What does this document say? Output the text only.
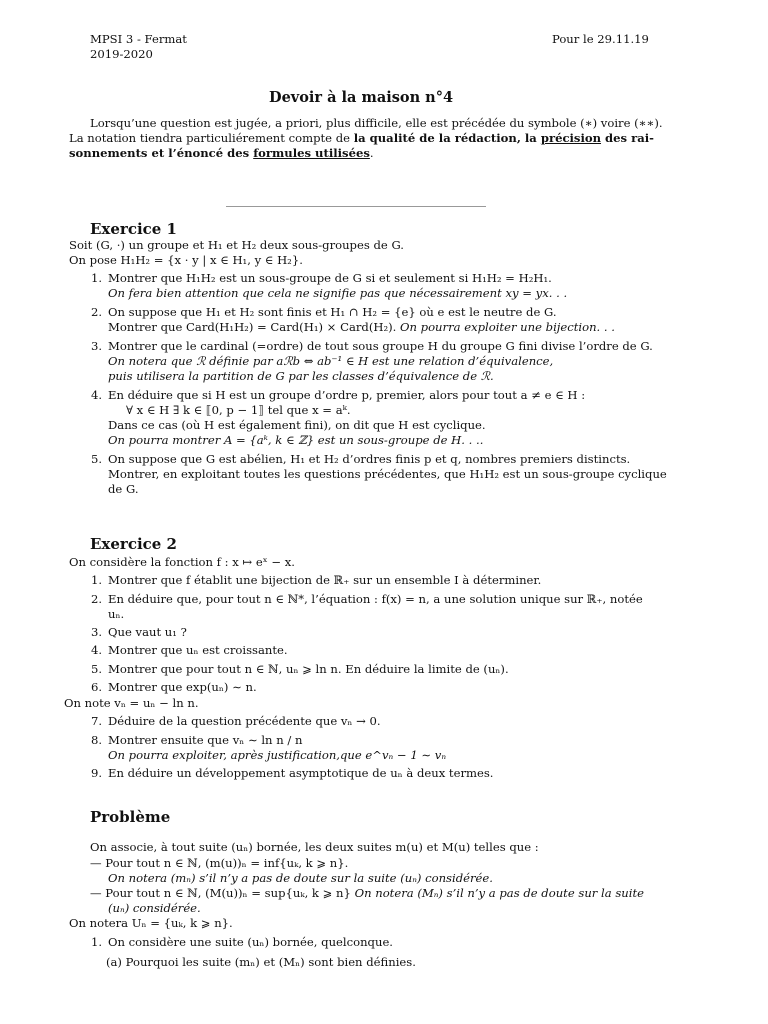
MPSI 3 - Fermat
2019-2020
Pour le 29.11.19
Devoir à la maison n°4
Lorsqu’une question est jugée, a priori, plus difficile, elle est précédée du symbole (∗) voire (∗∗).
La notation tiendra particuliérement compte de la qualité de la rédaction, la précision des rai-
sonnements et l’énoncé des formules utilisées.
Exercice 1
Soit (G, ·) un groupe et H₁ et H₂ deux sous-groupes de G.
On pose H₁H₂ = {x · y | x ∈ H₁, y ∈ H₂}.
1. Montrer que H₁H₂ est un sous-groupe de G si et seulement si H₁H₂ = H₂H₁.
On fera bien attention que cela ne signifie pas que nécessairement xy = yx. . .
2. On suppose que H₁ et H₂ sont finis et H₁ ∩ H₂ = {e} où e est le neutre de G.
Montrer que Card(H₁H₂) = Card(H₁) × Card(H₂). On pourra exploiter une bijection. . .
3. Montrer que le cardinal (=ordre) de tout sous groupe H du groupe G fini divise l’ordre de G.
On notera que ℛ définie par aℛb ⇔ ab⁻¹ ∈ H est une relation d’équivalence,
puis utilisera la partition de G par les classes d’équivalence de ℛ.
4. En déduire que si H est un groupe d’ordre p, premier, alors pour tout a ≠ e ∈ H :
∀ x ∈ H ∃ k ∈ ⟦0, p − 1⟧ tel que x = aᵏ.
Dans ce cas (où H est également fini), on dit que H est cyclique.
On pourra montrer A = {aᵏ, k ∈ ℤ} est un sous-groupe de H. . ..
5. On suppose que G est abélien, H₁ et H₂ d’ordres finis p et q, nombres premiers distincts.
Montrer, en exploitant toutes les questions précédentes, que H₁H₂ est un sous-groupe cyclique
de G.
Exercice 2
On considère la fonction f : x ↦ eˣ − x.
1. Montrer que f établit une bijection de ℝ₊ sur un ensemble I à déterminer.
2. En déduire que, pour tout n ∈ ℕ*, l’équation : f(x) = n, a une solution unique sur ℝ₊, notée
uₙ.
3. Que vaut u₁ ?
4. Montrer que uₙ est croissante.
5. Montrer que pour tout n ∈ ℕ, uₙ ⩾ ln n. En déduire la limite de (uₙ).
6. Montrer que exp(uₙ) ∼ n.
On note vₙ = uₙ − ln n.
7. Déduire de la question précédente que vₙ → 0.
8. Montrer ensuite que vₙ ∼ ln n / n
On pourra exploiter, après justification,que e^vₙ − 1 ∼ vₙ
9. En déduire un développement asymptotique de uₙ à deux termes.
Problème
On associe, à tout suite (uₙ) bornée, les deux suites m(u) et M(u) telles que :
— Pour tout n ∈ ℕ, (m(u))ₙ = inf{uₖ, k ⩾ n}.
On notera (mₙ) s’il n’y a pas de doute sur la suite (uₙ) considérée.
— Pour tout n ∈ ℕ, (M(u))ₙ = sup{uₖ, k ⩾ n} On notera (Mₙ) s’il n’y a pas de doute sur la suite
(uₙ) considérée.
On notera Uₙ = {uₖ, k ⩾ n}.
1. On considère une suite (uₙ) bornée, quelconque.
(a) Pourquoi les suite (mₙ) et (Mₙ) sont bien définies.
